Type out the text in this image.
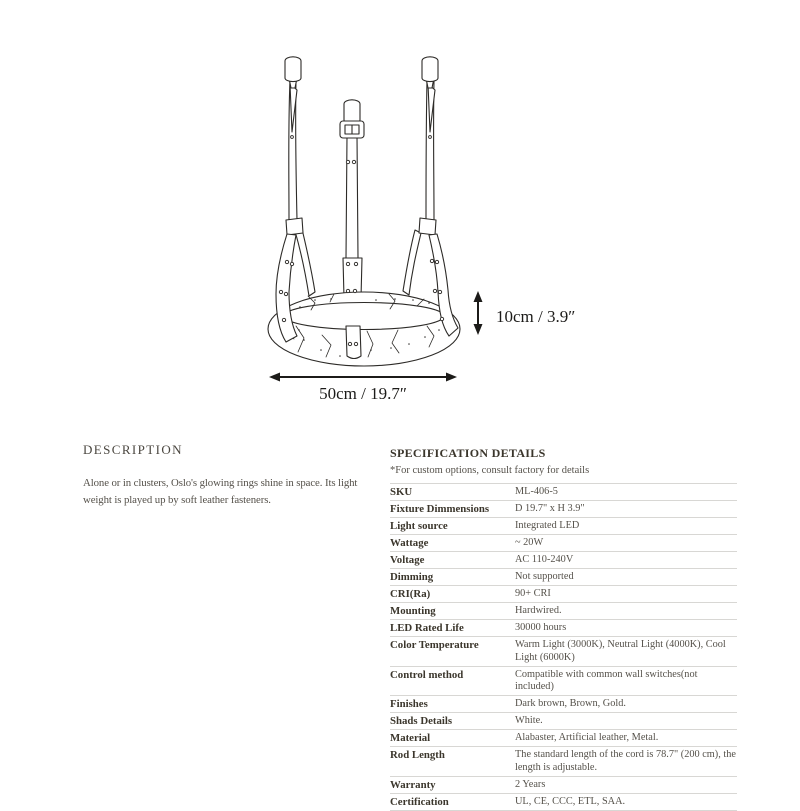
10cm / 3.9″
50cm / 19.7″
DESCRIPTION

Alone or in clusters, Oslo's glowing rings shine in space. Its light weight is played up by soft leather fasteners.

SPECIFICATION DETAILS
*For custom options, consult factory for details
SKU	ML-406-5
Fixture Dimmensions	D 19.7" x H 3.9"
Light source	Integrated LED
Wattage	~ 20W
Voltage	AC 110-240V
Dimming	Not supported
CRI(Ra)	90+ CRI
Mounting	Hardwired.
LED Rated Life	30000 hours
Color Temperature	Warm Light (3000K), Neutral Light (4000K), Cool Light (6000K)
Control method	Compatible with common wall switches(not included)
Finishes	Dark brown, Brown, Gold.
Shads Details	White.
Material	Alabaster, Artificial leather, Metal.
Rod Length	The standard length of the cord is 78.7" (200 cm), the length is adjustable.
Warranty	2 Years
Certification	UL, CE, CCC, ETL, SAA.
